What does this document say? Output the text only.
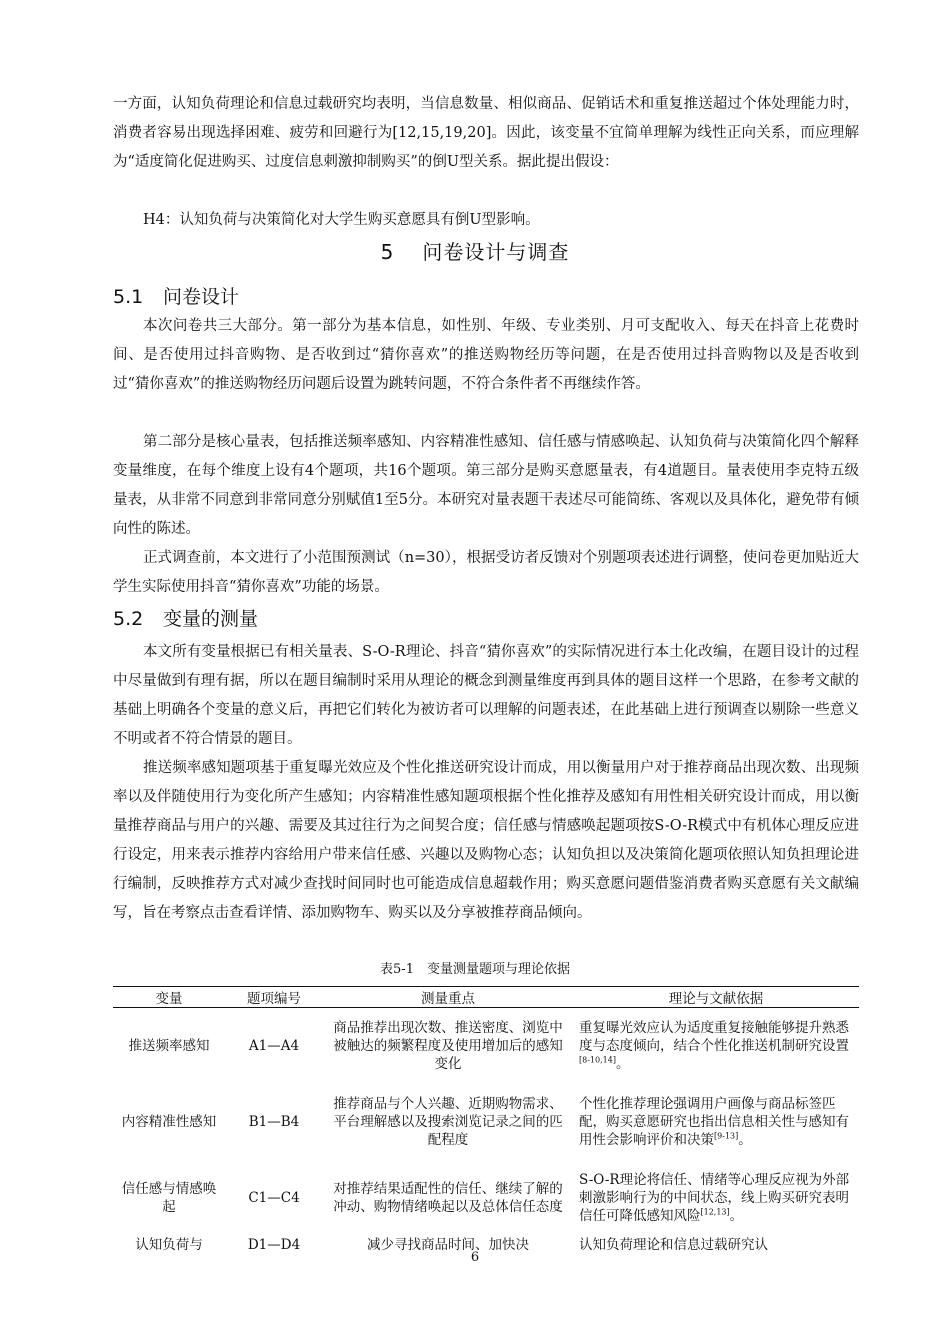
一方面，认知负荷理论和信息过载研究均表明，当信息数量、相似商品、促销话术和重复推送超过个体处理能力时，消费者容易出现选择困难、疲劳和回避行为[12,15,19,20]。因此，该变量不宜简单理解为线性正向关系，而应理解为“适度简化促进购买、过度信息刺激抑制购买”的倒U型关系。据此提出假设：

H4：认知负荷与决策简化对大学生购买意愿具有倒U型影响。

5 问卷设计与调查
5.1 问卷设计

本次问卷共三大部分。第一部分为基本信息，如性别、年级、专业类别、月可支配收入、每天在抖音上花费时间、是否使用过抖音购物、是否收到过“猜你喜欢”的推送购物经历等问题，在是否使用过抖音购物以及是否收到过“猜你喜欢”的推送购物经历问题后设置为跳转问题，不符合条件者不再继续作答。

第二部分是核心量表，包括推送频率感知、内容精准性感知、信任感与情感唤起、认知负荷与决策简化四个解释变量维度，在每个维度上设有4个题项，共16个题项。第三部分是购买意愿量表，有4道题目。量表使用李克特五级量表，从非常不同意到非常同意分别赋值1至5分。本研究对量表题干表述尽可能简练、客观以及具体化，避免带有倾向性的陈述。

正式调查前，本文进行了小范围预测试（n=30），根据受访者反馈对个别题项表述进行调整，使问卷更加贴近大学生实际使用抖音“猜你喜欢”功能的场景。

5.2 变量的测量

本文所有变量根据已有相关量表、S-O-R理论、抖音“猜你喜欢”的实际情况进行本土化改编，在题目设计的过程中尽量做到有理有据，所以在题目编制时采用从理论的概念到测量维度再到具体的题目这样一个思路，在参考文献的基础上明确各个变量的意义后，再把它们转化为被访者可以理解的问题表述，在此基础上进行预调查以剔除一些意义不明或者不符合情景的题目。

推送频率感知题项基于重复曝光效应及个性化推送研究设计而成，用以衡量用户对于推荐商品出现次数、出现频率以及伴随使用行为变化所产生感知；内容精准性感知题项根据个性化推荐及感知有用性相关研究设计而成，用以衡量推荐商品与用户的兴趣、需要及其过往行为之间契合度；信任感与情感唤起题项按S-O-R模式中有机体心理反应进行设定，用来表示推荐内容给用户带来信任感、兴趣以及购物心态；认知负担以及决策简化题项依照认知负担理论进行编制，反映推荐方式对减少查找时间同时也可能造成信息超载作用；购买意愿问题借鉴消费者购买意愿有关文献编写，旨在考察点击查看详情、添加购物车、购买以及分享被推荐商品倾向。

表5-1　变量测量题项与理论依据
变量	题项编号	测量重点	理论与文献依据
推送频率感知	A1—A4	商品推荐出现次数、推送密度、浏览中被触达的频繁程度及使用增加后的感知变化	重复曝光效应认为适度重复接触能够提升熟悉度与态度倾向，结合个性化推送机制研究设置[8-10,14]。
内容精准性感知	B1—B4	推荐商品与个人兴趣、近期购物需求、平台理解感以及搜索浏览记录之间的匹配程度	个性化推荐理论强调用户画像与商品标签匹配，购买意愿研究也指出信息相关性与感知有用性会影响评价和决策[9-13]。
信任感与情感唤起	C1—C4	对推荐结果适配性的信任、继续了解的冲动、购物情绪唤起以及总体信任态度	S-O-R理论将信任、情绪等心理反应视为外部刺激影响行为的中间状态，线上购买研究表明信任可降低感知风险[12,13]。
认知负荷与	D1—D4	减少寻找商品时间、加快决	认知负荷理论和信息过载研究认
6
